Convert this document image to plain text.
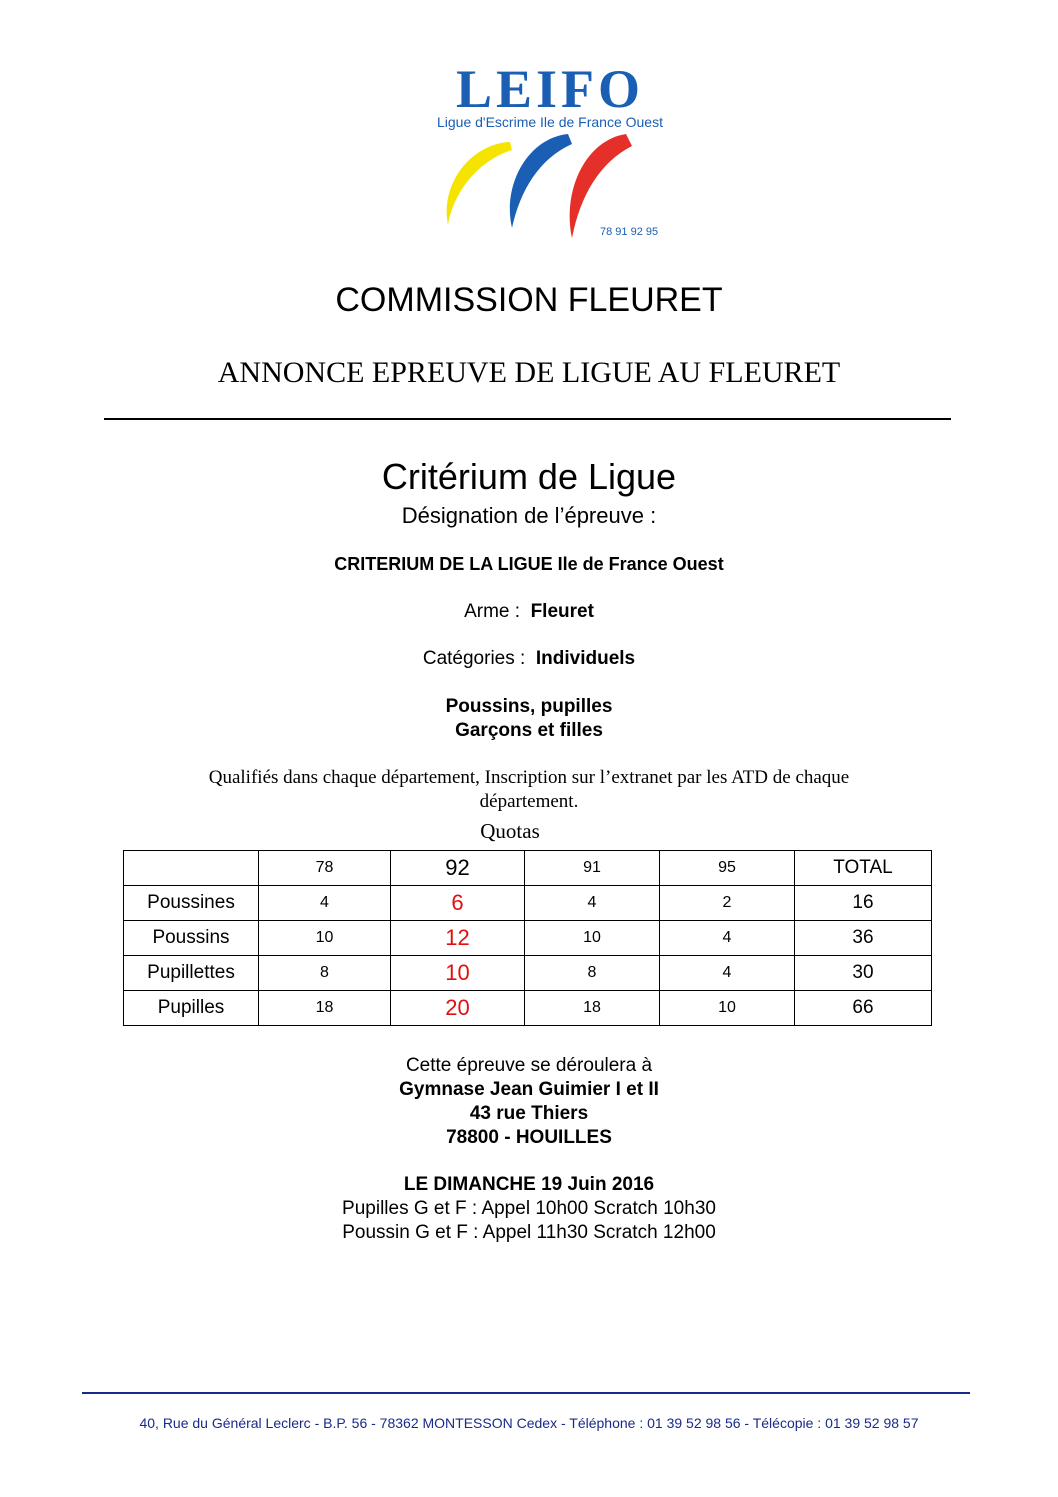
LEIFO
Ligue d'Escrime Ile de France Ouest
78 91 92 95
COMMISSION FLEURET
ANNONCE EPREUVE DE LIGUE AU FLEURET
Critérium de Ligue
Désignation de l’épreuve :
CRITERIUM DE LA LIGUE Ile de France Ouest
Arme : Fleuret
Catégories : Individuels
Poussins, pupilles
Garçons et filles
Qualifiés dans chaque département, Inscription sur l’extranet par les ATD de chaque
département.
Quotas
	78	92	91	95	TOTAL
Poussines	4	6	4	2	16
Poussins	10	12	10	4	36
Pupillettes	8	10	8	4	30
Pupilles	18	20	18	10	66
Cette épreuve se déroulera à
Gymnase Jean Guimier I et II
43 rue Thiers
78800 - HOUILLES
LE DIMANCHE 19 Juin 2016
Pupilles G et F : Appel 10h00 Scratch 10h30
Poussin G et F : Appel 11h30 Scratch 12h00
40, Rue du Général Leclerc - B.P. 56 - 78362 MONTESSON Cedex - Téléphone : 01 39 52 98 56 - Télécopie : 01 39 52 98 57
